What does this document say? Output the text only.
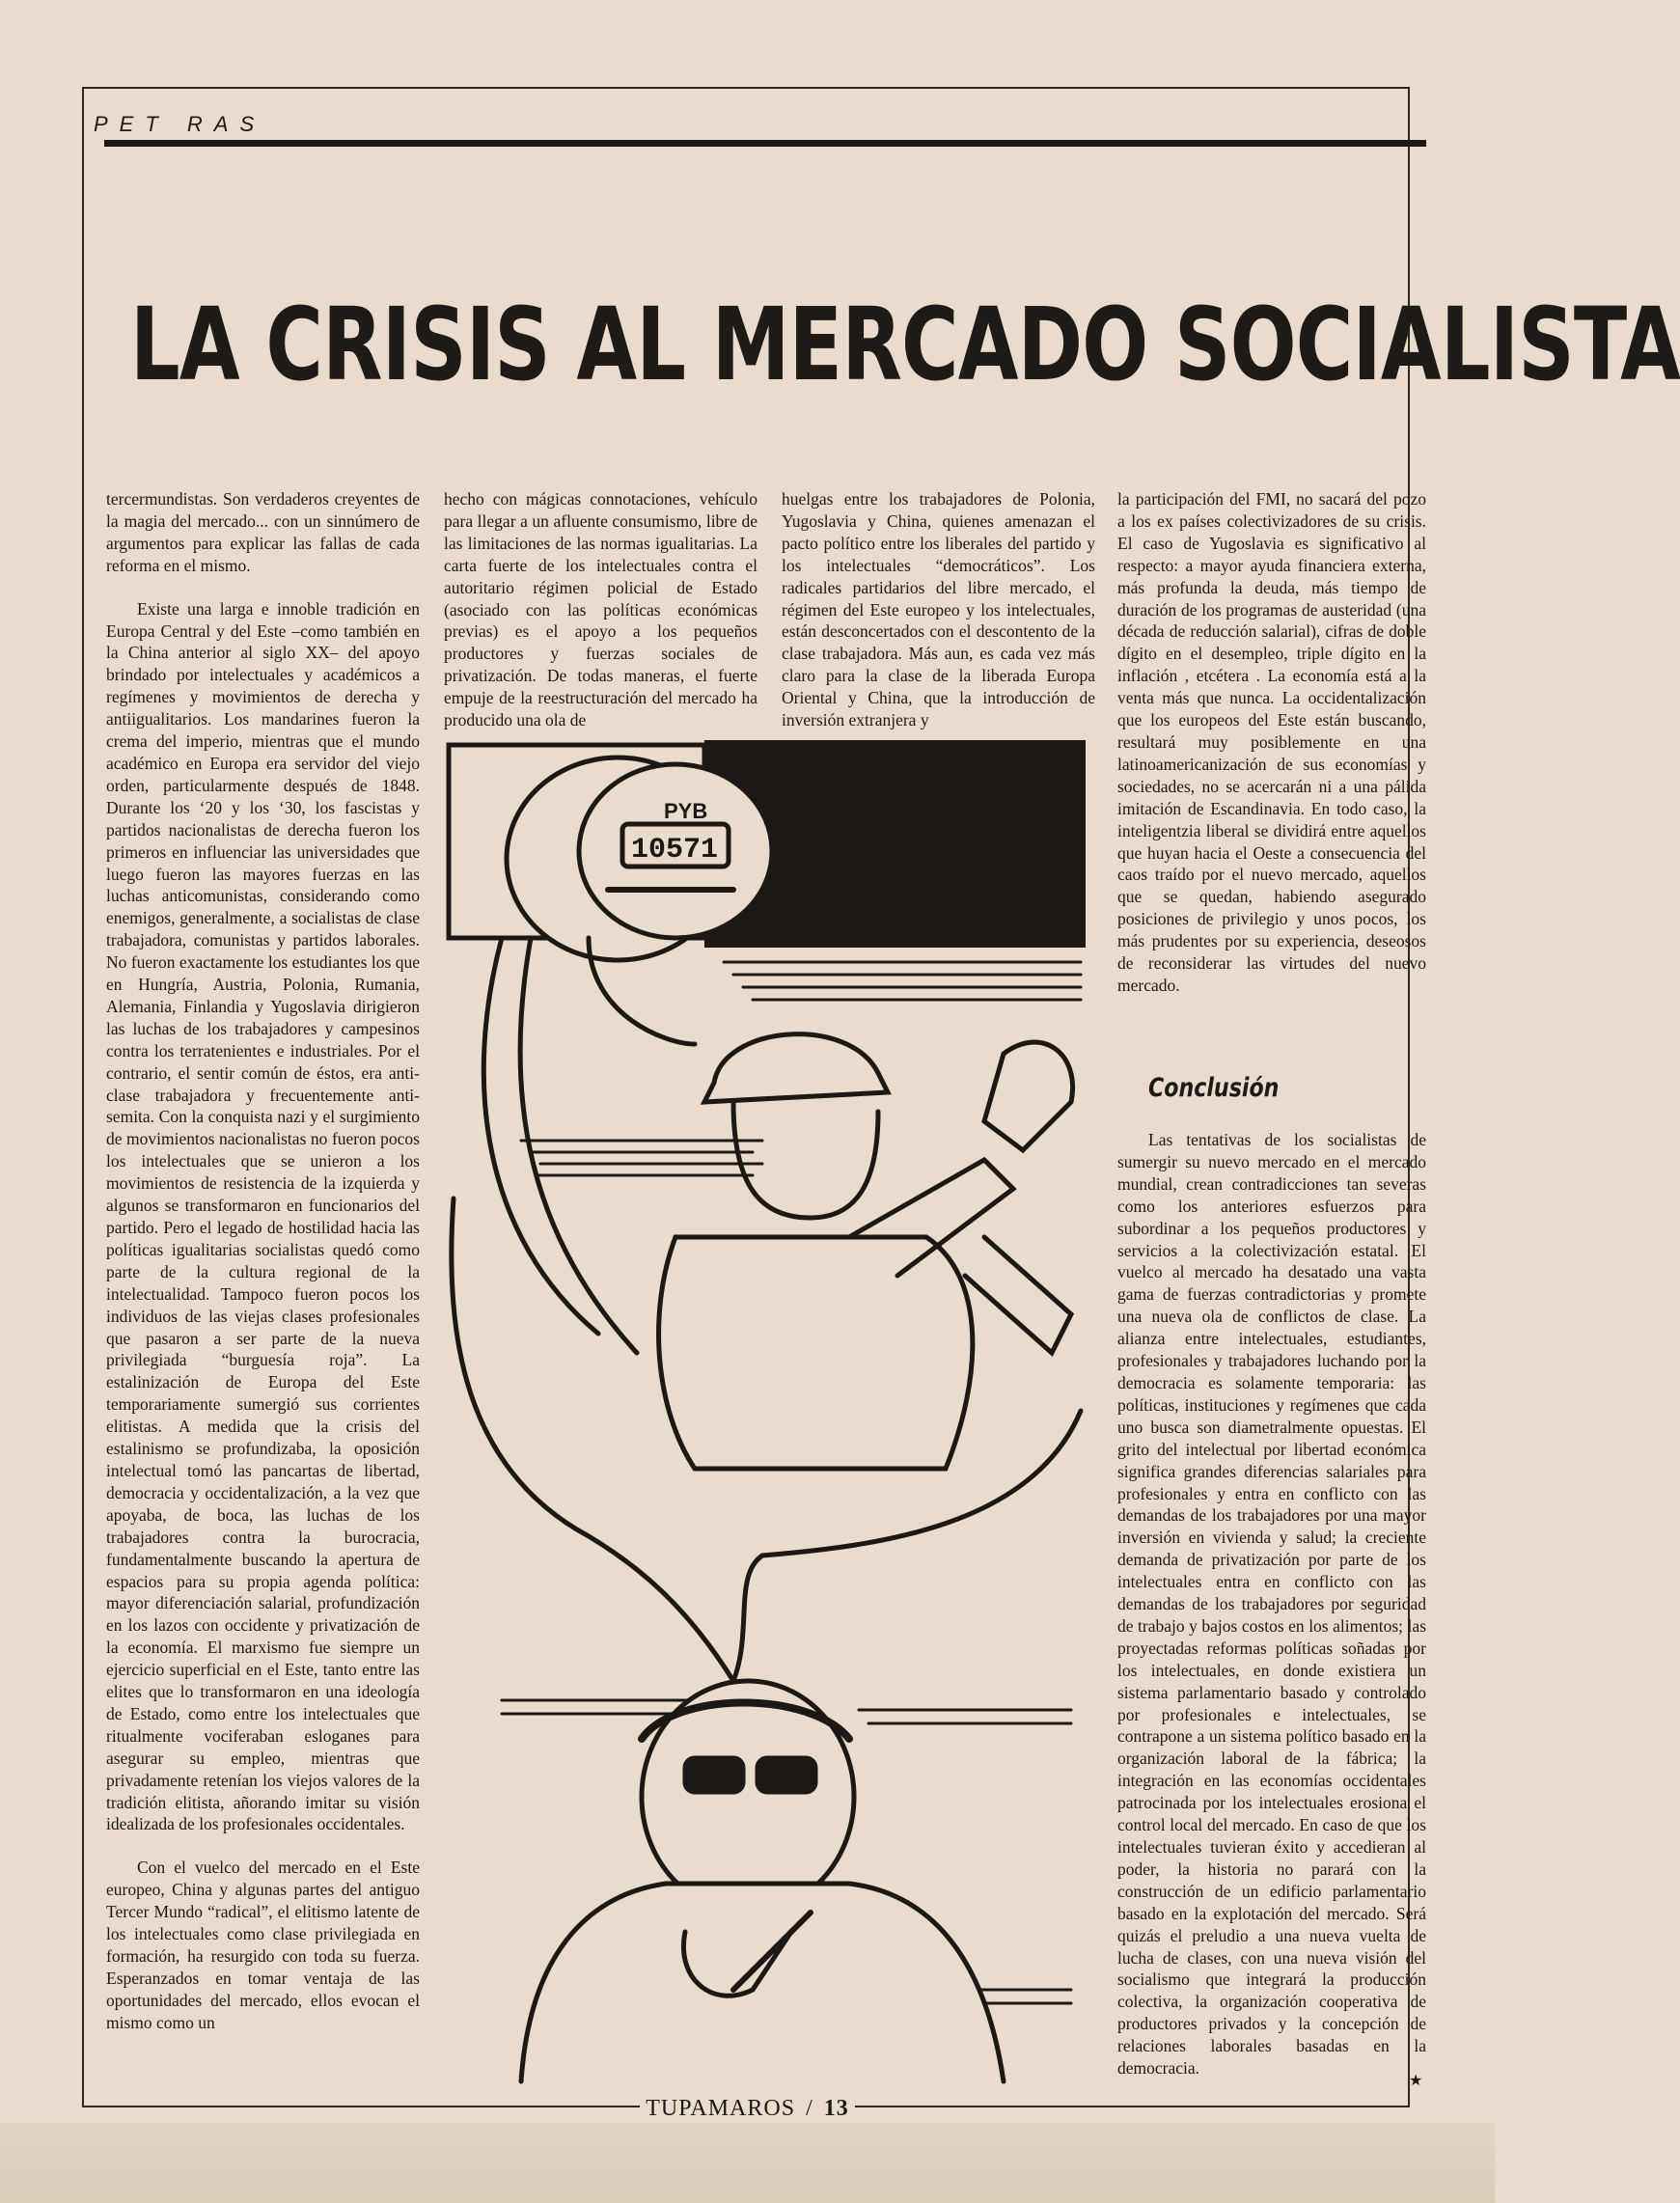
PET RAS
LA CRISIS AL MERCADO SOCIALISTA

tercermundistas. Son verdaderos creyentes de la magia del mercado... con un sinnúmero de argumentos para explicar las fallas de cada reforma en el mismo.

Existe una larga e innoble tradición en Europa Central y del Este –como también en la China anterior al siglo XX– del apoyo brindado por intelectuales y académicos a regímenes y movimientos de derecha y antiigualitarios. Los mandarines fueron la crema del imperio, mientras que el mundo académico en Europa era servidor del viejo orden, particularmente después de 1848. Durante los ‘20 y los ‘30, los fascistas y partidos nacionalistas de derecha fueron los primeros en influenciar las universidades que luego fueron las mayores fuerzas en las luchas anticomunistas, considerando como enemigos, generalmente, a socialistas de clase trabajadora, comunistas y partidos laborales. No fueron exactamente los estudiantes los que en Hungría, Austria, Polonia, Rumania, Alemania, Finlandia y Yugoslavia dirigieron las luchas de los trabajadores y campesinos contra los terratenientes e industriales. Por el contrario, el sentir común de éstos, era anti-clase trabajadora y frecuentemente anti-semita. Con la conquista nazi y el surgimiento de movimientos nacionalistas no fueron pocos los intelectuales que se unieron a los movimientos de resistencia de la izquierda y algunos se transformaron en funcionarios del partido. Pero el legado de hostilidad hacia las políticas igualitarias socialistas quedó como parte de la cultura regional de la intelectualidad. Tampoco fueron pocos los individuos de las viejas clases profesionales que pasaron a ser parte de la nueva privilegiada “burguesía roja”. La estalinización de Europa del Este temporariamente sumergió sus corrientes elitistas. A medida que la crisis del estalinismo se profundizaba, la oposición intelectual tomó las pancartas de libertad, democracia y occidentalización, a la vez que apoyaba, de boca, las luchas de los trabajadores contra la burocracia, fundamentalmente buscando la apertura de espacios para su propia agenda política: mayor diferenciación salarial, profundización en los lazos con occidente y privatización de la economía. El marxismo fue siempre un ejercicio superficial en el Este, tanto entre las elites que lo transformaron en una ideología de Estado, como entre los intelectuales que ritualmente vociferaban esloganes para asegurar su empleo, mientras que privadamente retenían los viejos valores de la tradición elitista, añorando imitar su visión idealizada de los profesionales occidentales.

Con el vuelco del mercado en el Este europeo, China y algunas partes del antiguo Tercer Mundo “radical”, el elitismo latente de los intelectuales como clase privilegiada en formación, ha resurgido con toda su fuerza. Esperanzados en tomar ventaja de las oportunidades del mercado, ellos evocan el mismo como un

hecho con mágicas connotaciones, vehículo para llegar a un afluente consumismo, libre de las limitaciones de las normas igualitarias. La carta fuerte de los intelectuales contra el autoritario régimen policial de Estado (asociado con las políticas económicas previas) es el apoyo a los pequeños productores y fuerzas sociales de privatización. De todas maneras, el fuerte empuje de la reestructuración del mercado ha producido una ola de

huelgas entre los trabajadores de Polonia, Yugoslavia y China, quienes amenazan el pacto político entre los liberales del partido y los intelectuales “democráticos”. Los radicales partidarios del libre mercado, el régimen del Este europeo y los intelectuales, están desconcertados con el descontento de la clase trabajadora. Más aun, es cada vez más claro para la clase de la liberada Europa Oriental y China, que la introducción de inversión extranjera y

la participación del FMI, no sacará del pozo a los ex países colectivizadores de su crisis. El caso de Yugoslavia es significativo al respecto: a mayor ayuda financiera externa, más profunda la deuda, más tiempo de duración de los programas de austeridad (una década de reducción salarial), cifras de doble dígito en el desempleo, triple dígito en la inflación , etcétera . La economía está a la venta más que nunca. La occidentalización que los europeos del Este están buscando, resultará muy posiblemente en una latinoamericanización de sus economías y sociedades, no se acercarán ni a una pálida imitación de Escandinavia. En todo caso, la inteligentzia liberal se dividirá entre aquellos que huyan hacia el Oeste a consecuencia del caos traído por el nuevo mercado, aquellos que se quedan, habiendo asegurado posiciones de privilegio y unos pocos, los más prudentes por su experiencia, deseosos de reconsiderar las virtudes del nuevo mercado.

Conclusión

Las tentativas de los socialistas de sumergir su nuevo mercado en el mercado mundial, crean contradicciones tan severas como los anteriores esfuerzos para subordinar a los pequeños productores y servicios a la colectivización estatal. El vuelco al mercado ha desatado una vasta gama de fuerzas contradictorias y promete una nueva ola de conflictos de clase. La alianza entre intelectuales, estudiantes, profesionales y trabajadores luchando por la democracia es solamente temporaria: las políticas, instituciones y regímenes que cada uno busca son diametralmente opuestas. El grito del intelectual por libertad económica significa grandes diferencias salariales para profesionales y entra en conflicto con las demandas de los trabajadores por una mayor inversión en vivienda y salud; la creciente demanda de privatización por parte de los intelectuales entra en conflicto con las demandas de los trabajadores por seguridad de trabajo y bajos costos en los alimentos; las proyectadas reformas políticas soñadas por los intelectuales, en donde existiera un sistema parlamentario basado y controlado por profesionales e intelectuales, se contrapone a un sistema político basado en la organización laboral de la fábrica; la integración en las economías occidentales patrocinada por los intelectuales erosiona el control local del mercado. En caso de que los intelectuales tuvieran éxito y accedieran al poder, la historia no parará con la construcción de un edificio parlamentario basado en la explotación del mercado. Será quizás el preludio a una nueva vuelta de lucha de clases, con una nueva visión del socialismo que integrará la producción colectiva, la organización cooperativa de productores privados y la concepción de relaciones laborales basadas en la democracia.

PYB
10571
TUPAMAROS / 13
★
